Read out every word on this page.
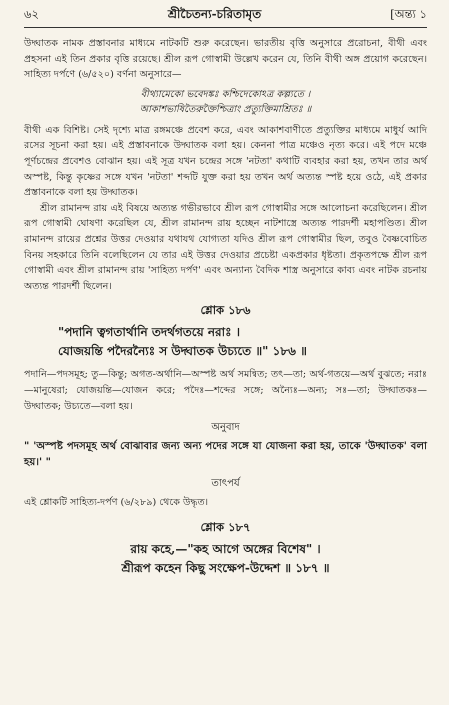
৬২	শ্রীচৈতন্য-চরিতামৃত	[অন্ত্য ১

উদ্ঘাতক নামক প্রস্তাবনার মাধ্যমে নাটকটি শুরু করেছেন। ভারতীয় বৃত্তি অনুসারে প্ররোচনা, বীথী এবং প্রহসনা এই তিন প্রকার বৃত্তি রয়েছে। শ্রীল রূপ গোস্বামী উল্লেখ করেন যে, তিনি বীথী অঙ্গ প্রয়োগ করেছেন। সাহিত্য দর্পণে (৬/৫২০) বর্ণনা অনুসারে—

বীথ্যামেকো ভবেদঙ্কঃ কশ্চিদেকোঽত্র কল্প্যতে ।
আকাশভাষিতৈরুক্তৈশ্চিত্রাং প্রত্যুক্তিমাশ্রিতঃ ॥

বীথী এক বিশিষ্ট। সেই দৃশ্যে মাত্র রঙ্গমঞ্চে প্রবেশ করে, এবং আকাশবাণীতে প্রত্যুক্তির মাধ্যমে মাধুর্য আদি রসের সূচনা করা হয়। এই প্রস্তাবনাকে উদ্ঘাতক বলা হয়। কেননা পাত্র মঞ্চেও নৃত্য করে। এই পদে মঞ্চে পূর্ণচন্দ্রের প্রবেশও বোঝান হয়। এই সূত্র যখন চন্দ্রের সঙ্গে 'নটতা' কথাটি ব্যবহার করা হয়, তখন তার অর্থ অস্পষ্ট, কিন্তু কৃষ্ণের সঙ্গে যখন 'নটতা' শব্দটি যুক্ত করা হয় তখন অর্থ অত্যন্ত স্পষ্ট হয়ে ওঠে, এই প্রকার প্রস্তাবনাকে বলা হয় উদ্ঘাতক।

শ্রীল রামানন্দ রায় এই বিষয়ে অত্যন্ত গভীরভাবে শ্রীল রূপ গোস্বামীর সঙ্গে আলোচনা করেছিলেন। শ্রীল রূপ গোস্বামী ঘোষণা করেছিল যে, শ্রীল রামানন্দ রায় হচ্ছেন নাটশাস্ত্রে অত্যন্ত পারদর্শী মহাপণ্ডিত। শ্রীল রামানন্দ রায়ের প্রশ্নের উত্তর দেওয়ার যথাযথ যোগ্যতা যদিও শ্রীল রূপ গোস্বামীর ছিল, তবুও বৈষ্ণবোচিত বিনয় সহকারে তিনি বলেছিলেন যে তার এই উত্তর দেওয়ার প্রচেষ্টা একপ্রকার ধৃষ্টতা। প্রকৃতপক্ষে শ্রীল রূপ গোস্বামী এবং শ্রীল রামানন্দ রায় 'সাহিত্য দর্পণ' এবং অন্যান্য বৈদিক শাস্ত্র অনুসারে কাব্য এবং নাটক রচনায় অত্যন্ত পারদর্শী ছিলেন।

শ্লোক ১৮৬
"পদানি ত্বগতার্থানি তদর্থগতয়ে নরাঃ ।
যোজয়ন্তি পদৈরন্যৈঃ স উদ্ঘাতক উচ্যতে ॥" ১৮৬ ॥

পদানি—পদসমূহ; তু—কিন্তু; অগত-অর্থানি—অস্পষ্ট অর্থ সমন্বিত; তৎ—তা; অর্থ-গতয়ে—অর্থ বুঝতে; নরাঃ—মানুষেরা; যোজয়ন্তি—যোজন করে; পদৈঃ—শব্দের সঙ্গে; অন্যৈঃ—অন্য; সঃ—তা; উদ্ঘাতকঃ—উদ্ঘাতক; উচ্যতে—বলা হয়।

অনুবাদ

" 'অস্পষ্ট পদসমূহ অর্থ বোঝাবার জন্য অন্য পদের সঙ্গে যা যোজনা করা হয়, তাকে 'উদ্ঘাতক' বলা হয়।' "

তাৎপর্য

এই শ্লোকটি সাহিত্য-দর্পণ (৬/২৮৯) থেকে উদ্ধৃত।

শ্লোক ১৮৭
রায় কহে,—"কহ আগে অঙ্গের বিশেষ" ।
শ্রীরূপ কহেন কিছু সংক্ষেপ-উদ্দেশ ॥ ১৮৭ ॥
